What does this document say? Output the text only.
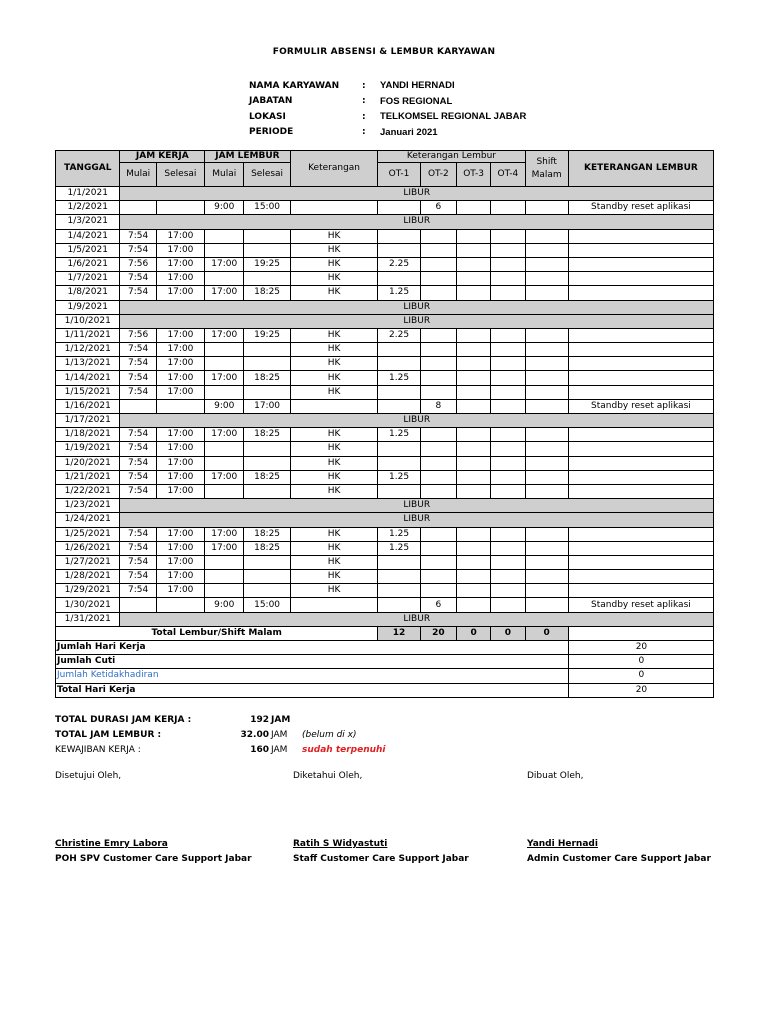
FORMULIR ABSENSI & LEMBUR KARYAWAN
NAMA KARYAWAN	:	YANDI HERNADI
JABATAN	:	FOS REGIONAL
LOKASI	:	TELKOMSEL REGIONAL JABAR
PERIODE	:	Januari 2021
TANGGAL	JAM KERJA		JAM LEMBUR		Keterangan	Keterangan Lembur				Shift Malam	KETERANGAN LEMBUR
	Mulai	Selesai	Mulai	Selesai		OT-1	OT-2	OT-3	OT-4		
1/1/2021	LIBUR										
1/2/2021			9:00	15:00			6				Standby reset aplikasi
1/3/2021	LIBUR										
1/4/2021	7:54	17:00			HK						
1/5/2021	7:54	17:00			HK						
1/6/2021	7:56	17:00	17:00	19:25	HK	2.25					
1/7/2021	7:54	17:00			HK						
1/8/2021	7:54	17:00	17:00	18:25	HK	1.25					
1/9/2021	LIBUR										
1/10/2021	LIBUR										
1/11/2021	7:56	17:00	17:00	19:25	HK	2.25					
1/12/2021	7:54	17:00			HK						
1/13/2021	7:54	17:00			HK						
1/14/2021	7:54	17:00	17:00	18:25	HK	1.25					
1/15/2021	7:54	17:00			HK						
1/16/2021			9:00	17:00			8				Standby reset aplikasi
1/17/2021	LIBUR										
1/18/2021	7:54	17:00	17:00	18:25	HK	1.25					
1/19/2021	7:54	17:00			HK						
1/20/2021	7:54	17:00			HK						
1/21/2021	7:54	17:00	17:00	18:25	HK	1.25					
1/22/2021	7:54	17:00			HK						
1/23/2021	LIBUR										
1/24/2021	LIBUR										
1/25/2021	7:54	17:00	17:00	18:25	HK	1.25					
1/26/2021	7:54	17:00	17:00	18:25	HK	1.25					
1/27/2021	7:54	17:00			HK						
1/28/2021	7:54	17:00			HK						
1/29/2021	7:54	17:00			HK						
1/30/2021			9:00	15:00			6				Standby reset aplikasi
1/31/2021	LIBUR										
Total Lembur/Shift Malam						12	20	0	0	0	
Jumlah Hari Kerja											20
Jumlah Cuti											0
Jumlah Ketidakhadiran											0
Total Hari Kerja											20
TOTAL DURASI JAM KERJA :	192 JAM
TOTAL JAM LEMBUR :	32.00 JAM	(belum di x)
KEWAJIBAN KERJA :	160 JAM	sudah terpenuhi
Disetujui Oleh,
Christine Emry Labora
POH SPV Customer Care Support Jabar
Diketahui Oleh,
Ratih S Widyastuti
Staff Customer Care Support Jabar
Dibuat Oleh,
Yandi Hernadi
Admin Customer Care Support Jabar
